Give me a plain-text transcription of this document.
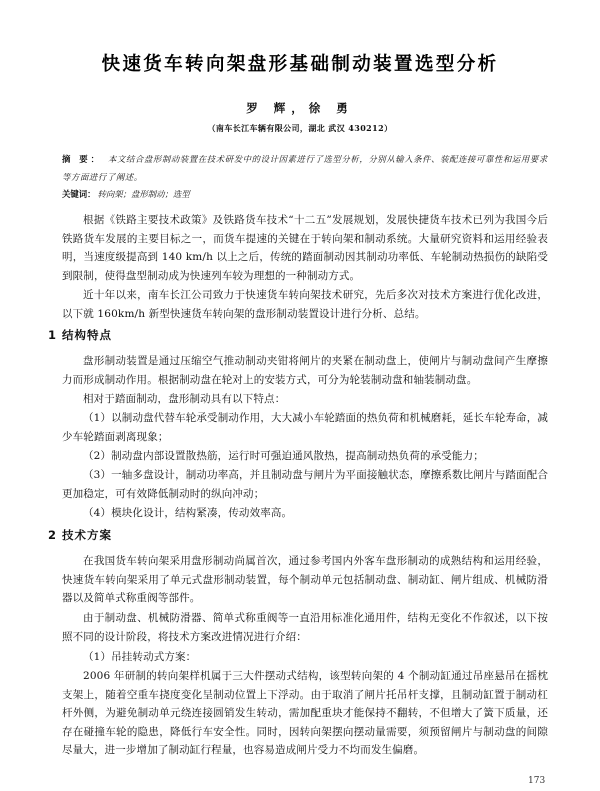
快速货车转向架盘形基础制动装置选型分析
罗 辉，徐 勇
（南车长江车辆有限公司，湖北 武汉 430212）
摘 要： 本文结合盘形制动装置在技术研发中的设计因素进行了选型分析，分别从输入条件、装配连接可靠性和运用要求等方面进行了阐述。
关键词： 转向架；盘形制动；选型

根据《铁路主要技术政策》及铁路货车技术“十二五”发展规划，发展快捷货车技术已列为我国今后铁路货车发展的主要目标之一，而货车提速的关键在于转向架和制动系统。大量研究资料和运用经验表明，当速度级提高到 140 km/h 以上之后，传统的踏面制动因其制动功率低、车轮制动热损伤的缺陷受到限制，使得盘型制动成为快速列车较为理想的一种制动方式。

近十年以来，南车长江公司致力于快速货车转向架技术研究，先后多次对技术方案进行优化改进，以下就 160km/h 新型快速货车转向架的盘形制动装置设计进行分析、总结。

1 结构特点

盘形制动装置是通过压缩空气推动制动夹钳将闸片的夹紧在制动盘上，使闸片与制动盘间产生摩擦力而形成制动作用。根据制动盘在轮对上的安装方式，可分为轮装制动盘和轴装制动盘。

相对于踏面制动，盘形制动具有以下特点：

（1）以制动盘代替车轮承受制动作用，大大减小车轮踏面的热负荷和机械磨耗，延长车轮寿命，减少车轮踏面剥离现象；

（2）制动盘内部设置散热筋，运行时可强迫通风散热，提高制动热负荷的承受能力；

（3）一轴多盘设计，制动功率高，并且制动盘与闸片为平面接触状态，摩擦系数比闸片与踏面配合更加稳定，可有效降低制动时的纵向冲动；

（4）模块化设计，结构紧凑，传动效率高。

2 技术方案

在我国货车转向架采用盘形制动尚属首次，通过参考国内外客车盘形制动的成熟结构和运用经验，快速货车转向架采用了单元式盘形制动装置，每个制动单元包括制动盘、制动缸、闸片组成、机械防滑器以及简单式称重阀等部件。

由于制动盘、机械防滑器、简单式称重阀等一直沿用标准化通用件，结构无变化不作叙述，以下按照不同的设计阶段，将技术方案改进情况进行介绍：

（1）吊挂转动式方案：

2006 年研制的转向架样机属于三大件摆动式结构，该型转向架的 4 个制动缸通过吊座悬吊在摇枕支架上，随着空重车挠度变化呈制动位置上下浮动。由于取消了闸片托吊杆支撑，且制动缸置于制动杠杆外侧，为避免制动单元绕连接圆销发生转动，需加配重块才能保持不翻转，不但增大了簧下质量，还存在碰撞车轮的隐患，降低行车安全性。同时，因转向架摆向摆动量需要，须预留闸片与制动盘的间隙尽量大，进一步增加了制动缸行程量，也容易造成闸片受力不均而发生偏磨。

173
